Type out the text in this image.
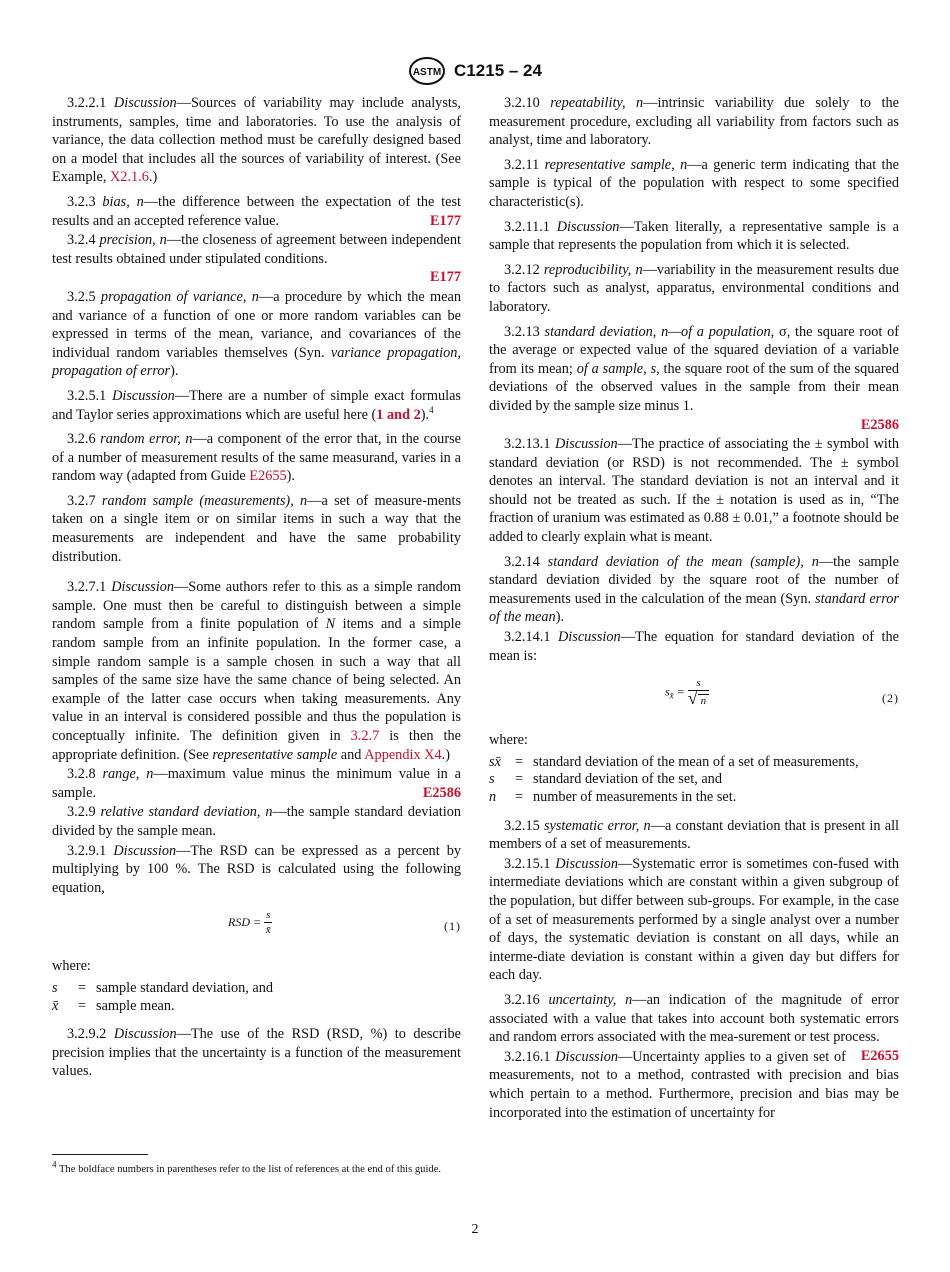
ASTM C1215 – 24

3.2.2.1 Discussion—Sources of variability may include analysts, instruments, samples, time and laboratories. To use the analysis of variance, the data collection method must be carefully designed based on a model that includes all the sources of variability of interest. (See Example, X2.1.6.)

3.2.3 bias, n—the difference between the expectation of the test results and an accepted reference value.	E177

3.2.4 precision, n—the closeness of agreement between independent test results obtained under stipulated conditions.
E177

3.2.5 propagation of variance, n—a procedure by which the mean and variance of a function of one or more random variables can be expressed in terms of the mean, variance, and covariances of the individual random variables themselves (Syn. variance propagation, propagation of error).

3.2.5.1 Discussion—There are a number of simple exact formulas and Taylor series approximations which are useful here (1 and 2).$^4$

3.2.6 random error, n—a component of the error that, in the course of a number of measurement results of the same measurand, varies in a random way (adapted from Guide E2655).

3.2.7 random sample (measurements), n—a set of measure-ments taken on a single item or on similar items in such a way that the measurements are independent and have the same probability distribution.

3.2.7.1 Discussion—Some authors refer to this as a simple random sample. One must then be careful to distinguish between a simple random sample from a finite population of N items and a simple random sample from an infinite population. In the former case, a simple random sample is a sample chosen in such a way that all samples of the same size have the same chance of being selected. An example of the latter case occurs when taking measurements. Any value in an interval is considered possible and thus the population is conceptually infinite. The definition given in 3.2.7 is then the appropriate definition. (See representative sample and Appendix X4.)

3.2.8 range, n—maximum value minus the minimum value in a sample.	E2586

3.2.9 relative standard deviation, n—the sample standard deviation divided by the sample mean.

3.2.9.1 Discussion—The RSD can be expressed as a percent by multiplying by 100 %. The RSD is calculated using the following equation,

RSD = $\frac{s}{x̄}$	(1)

where:

s	= sample standard deviation, and
x̄	= sample mean.

3.2.9.2 Discussion—The use of the RSD (RSD, %) to describe precision implies that the uncertainty is a function of the measurement values.

3.2.10 repeatability, n—intrinsic variability due solely to the measurement procedure, excluding all variability from factors such as analyst, time and laboratory.

3.2.11 representative sample, n—a generic term indicating that the sample is typical of the population with respect to some specified characteristic(s).

3.2.11.1 Discussion—Taken literally, a representative sample is a sample that represents the population from which it is selected.

3.2.12 reproducibility, n—variability in the measurement results due to factors such as analyst, apparatus, environmental conditions and laboratory.

3.2.13 standard deviation, n—of a population, σ, the square root of the average or expected value of the squared deviation of a variable from its mean; of a sample, s, the square root of the sum of the squared deviations of the observed values in the sample from their mean divided by the sample size minus 1.
E2586

3.2.13.1 Discussion—The practice of associating the ± symbol with standard deviation (or RSD) is not recommended. The ± symbol denotes an interval. The standard deviation is not an interval and it should not be treated as such. If the ± notation is used as in, “The fraction of uranium was estimated as 0.88 ± 0.01,” a footnote should be added to clearly explain what is meant.

3.2.14 standard deviation of the mean (sample), n—the sample standard deviation divided by the square root of the number of measurements used in the calculation of the mean (Syn. standard error of the mean).

3.2.14.1 Discussion—The equation for standard deviation of the mean is:

$s_{x̄} = \frac{s}{√ n}$	(2)

where:

sx̄ = standard deviation of the mean of a set of measurements,
s	= standard deviation of the set, and
n	= number of measurements in the set.

3.2.15 systematic error, n—a constant deviation that is present in all members of a set of measurements.

3.2.15.1 Discussion—Systematic error is sometimes con-fused with intermediate deviations which are constant within a given subgroup of the population, but differ between sub-groups. For example, in the case of a set of measurements performed by a single analyst over a number of days, the systematic deviation is constant on all days, while an interme-diate deviation is constant within a given day but differs for each day.

3.2.16 uncertainty, n—an indication of the magnitude of error associated with a value that takes into account both systematic errors and random errors associated with the mea-surement or test process.
E2655

3.2.16.1 Discussion—Uncertainty applies to a given set of measurements, not to a method, contrasted with precision and bias which pertain to a method. Furthermore, precision and bias may be incorporated into the estimation of uncertainty for

$^4$ The boldface numbers in parentheses refer to the list of references at the end of this guide.
2
